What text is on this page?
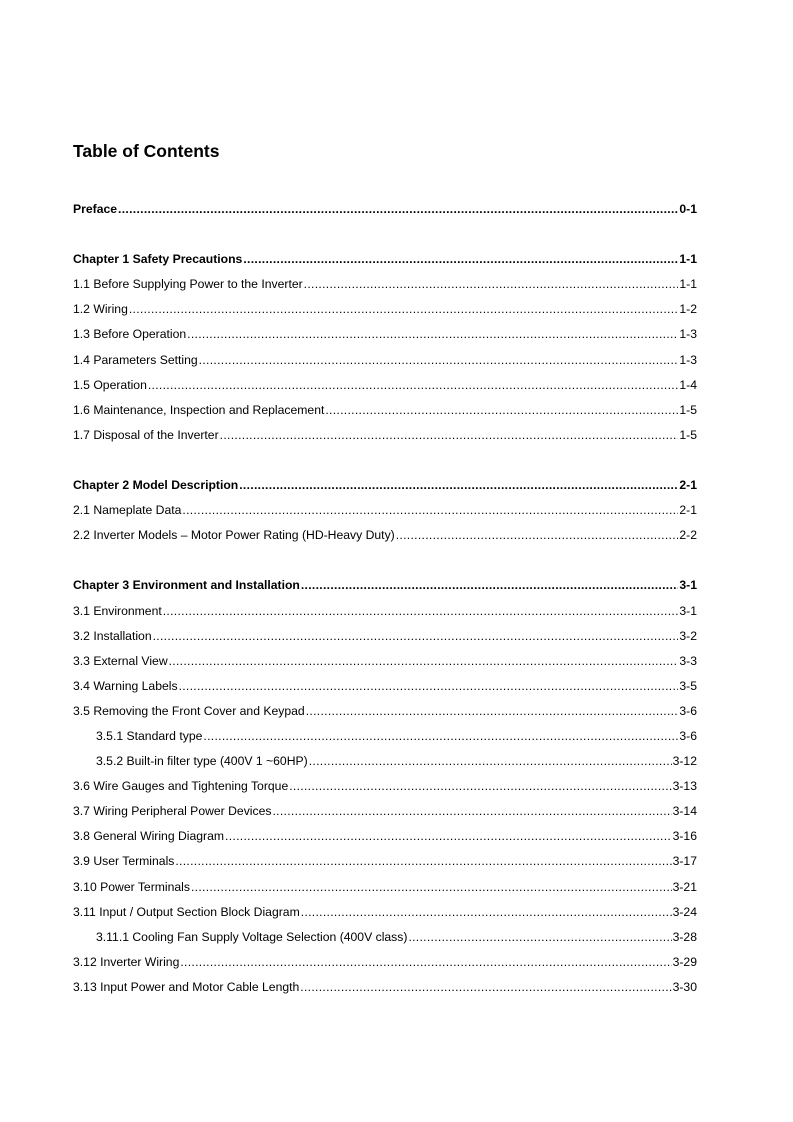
Table of Contents
Preface .....	0-1
Chapter 1 Safety Precautions .....	1-1
1.1 Before Supplying Power to the Inverter .....	1-1
1.2 Wiring .....	1-2
1.3 Before Operation .....	1-3
1.4 Parameters Setting .....	1-3
1.5 Operation .....	1-4
1.6 Maintenance, Inspection and Replacement .....	1-5
1.7 Disposal of the Inverter .....	1-5
Chapter 2 Model Description .....	2-1
2.1 Nameplate Data .....	2-1
2.2 Inverter Models – Motor Power Rating (HD-Heavy Duty) .....	2-2
Chapter 3 Environment and Installation .....	3-1
3.1 Environment .....	3-1
3.2 Installation .....	3-2
3.3 External View .....	3-3
3.4 Warning Labels .....	3-5
3.5 Removing the Front Cover and Keypad .....	3-6
3.5.1 Standard type .....	3-6
3.5.2 Built-in filter type (400V 1 ~60HP) .....	3-12
3.6 Wire Gauges and Tightening Torque .....	3-13
3.7 Wiring Peripheral Power Devices .....	3-14
3.8 General Wiring Diagram .....	3-16
3.9 User Terminals .....	3-17
3.10 Power Terminals .....	3-21
3.11 Input / Output Section Block Diagram .....	3-24
3.11.1 Cooling Fan Supply Voltage Selection (400V class) .....	3-28
3.12 Inverter Wiring .....	3-29
3.13 Input Power and Motor Cable Length .....	3-30
